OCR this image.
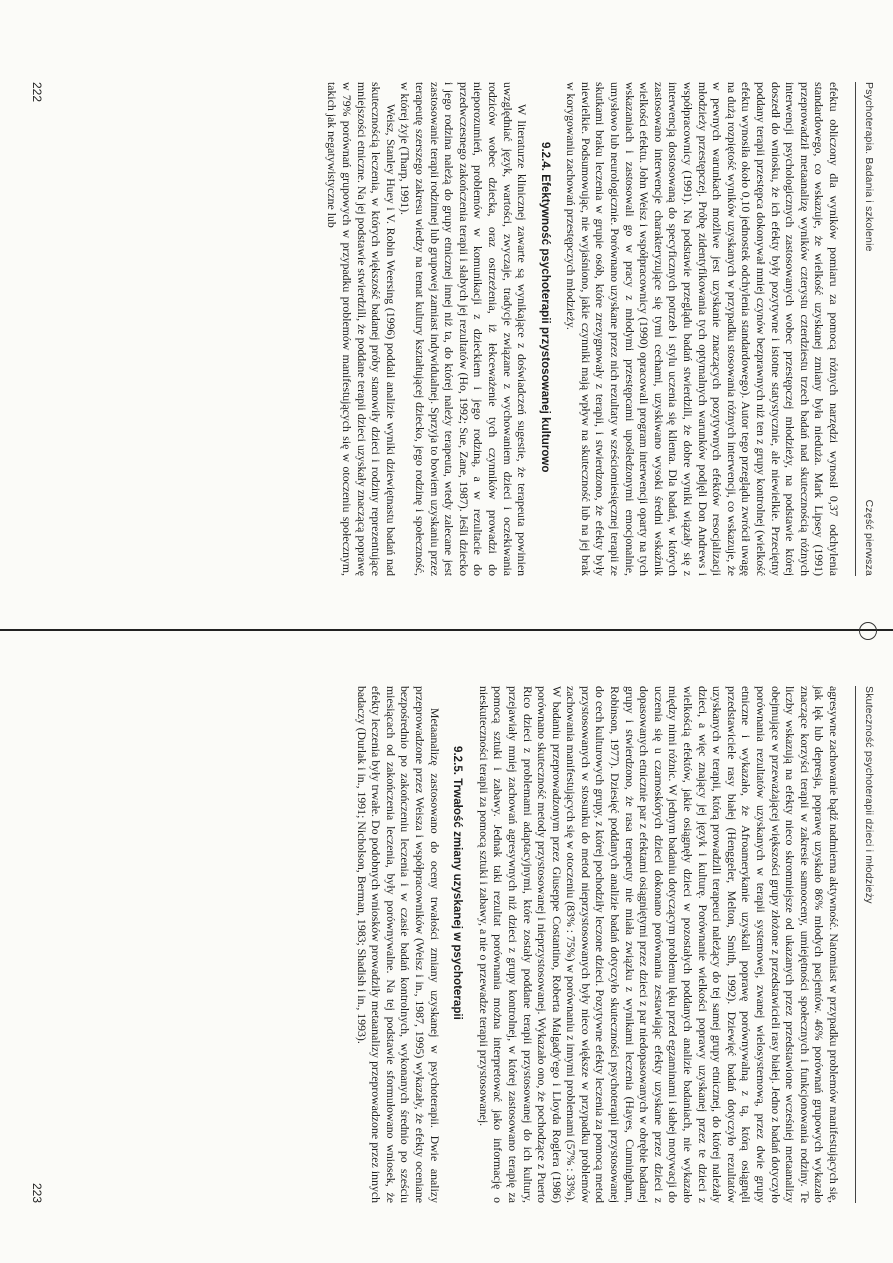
Psychoterapia. Badania i szkolenie
Część pierwsza

efektu obliczony dla wyników pomiaru za pomocą różnych narzędzi wynosił 0,37 odchylenia standardowego, co wskazuje, że wielkość uzyskanej zmiany była nieduża. Mark Lipsey (1991) przeprowadził metaanalizę wyników czterystu czterdziestu trzech badań nad skutecznością różnych interwencji psychologicznych zastosowanych wobec przestępczej młodzieży, na podstawie której doszedł do wniosku, że ich efekty były pozytywne i istotne statystycznie, ale niewielkie. Przeciętny poddany terapii przestępca dokonywał mniej czynów bezprawnych niż ten z grupy kontrolnej (wielkość efektu wynosiła około 0,10 jednostek odchylenia standardowego). Autor tego przeglądu zwrócił uwagę na dużą rozpiętość wyników uzyskanych w przypadku stosowania różnych interwencji, co wskazuje, że w pewnych warunkach możliwe jest uzyskanie znaczących pozytywnych efektów resocjalizacji młodzieży przestępczej. Próbę zidentyfikowania tych optymalnych warunków podjęli Don Andrews i współpracownicy (1991). Na podstawie przeglądu badań stwierdzili, że dobre wyniki wiązały się z interwencją dostosowaną do specyficznych potrzeb i stylu uczenia się klienta. Dla badań, w których zastosowano interwencje charakteryzujące się tymi cechami, uzyskiwano wysoki średni wskaźnik wielkości efektu. John Weisz i współpracownicy (1990) opracowali program interwencji oparty na tych wskazaniach i zastosowali go w pracy z młodymi przestępcami upośledzonymi emocjonalnie, umysłowo lub neurologicznie. Porównano uzyskane przez nich rezultaty w sześciomiesięcznej terapii ze skutkami braku leczenia w grupie osób, które zrezygnowały z terapii, i stwierdzono, że efekty były niewielkie. Podsumowując, nie wyjaśniono, jakie czynniki mają wpływ na skuteczność lub na jej brak w korygowaniu zachowań przestępczych młodzieży.

9.2.4. Efektywność psychoterapii przystosowanej kulturowo

W literaturze klinicznej zawarte są wynikające z doświadczeń sugestie, że terapeuta powinien uwzględniać język, wartości, zwyczaje, tradycje związane z wychowaniem dzieci i oczekiwania rodziców wobec dziecka, oraz ostrzeżenia, iż łekceważenie tych czynników prowadzi do nieporozumień, problemów w komunikacji z dzieckiem i jego rodziną, a w rezultacie do przedwczesnego zakończenia terapii i słabych jej rezultatów (Ho, 1992; Sue, Zane, 1987). Jeśli dziecko i jego rodzina należą do grupy etnicznej innej niż ta, do której należy terapeuta, wtedy zalecane jest zastosowanie terapii rodzinnej lub grupowej zamiast indywidualnej. Sprzyja to bowiem uzyskaniu przez terapeutę szerszego zakresu wiedzy na temat kultury kształtującej dziecko, jego rodzinę i społeczność, w której żyje (Tharp, 1991).

Weisz, Stanley Huey i V. Robin Weersing (1996) poddali analizie wyniki dziewiętnastu badań nad skutecznością leczenia, w których większość badanej próby stanowiły dzieci i rodziny reprezentujące mniejszości etniczne. Na jej podstawie stwierdzili, że poddane terapii dzieci uzyskały znaczącą poprawę w 79% porównań grupowych w przypadku problemów manifestujących się w otoczeniu społecznym, takich jak negatywistyczne lub

222
Skuteczność psychoterapii dzieci i młodzieży

agresywne zachowanie bądź nadmierna aktywność. Natomiast w przypadku problemów manifestujących się, jak lęk lub depresja, poprawę uzyskało 86% młodych pacjentów. 46% porównań grupowych wykazało znaczące korzyści terapii w zakresie samooceny, umiejętności społecznych i funkcjonowania rodziny. Te liczby wskazują na efekty nieco skromniejsze od ukazanych przez przedstawione wcześniej metaanalizy obejmujące w przeważającej większości grupy złożone z przedstawicieli rasy białej. Jedno z badań dotyczyło porównania rezultatów uzyskanych w terapii systemowej, zwanej wielosystemową, przez dwie grupy etniczne i wykazało, że Afroamerykanie uzyskali poprawę porównywalną z tą, którą osiągnęli przedstawiciele rasy białej (Henggeler, Melton, Smith, 1992). Dziewięć badań dotyczyło rezultatów uzyskanych w terapii, którą prowadzili terapeuci należący do tej samej grupy etnicznej, do której należały dzieci, a więc znający jej język i kulturę. Porównanie wielkości poprawy uzyskanej przez te dzieci z wielkością efektów, jakie osiągnęły dzieci w pozostałych poddanych analizie badaniach, nie wykazało między nimi różnic. W jednym badaniu dotyczącym problemu lęku przed egzaminami i słabej motywacji do uczenia się u czarnoskórych dzieci dokonano porównania zestawiając efekty uzyskane przez dzieci z dopasowanych etnicznie par z efektami osiągniętymi przez dzieci z par niedopasowanych w obrębie badanej grupy i stwierdzono, że rasa terapeuty nie miała związku z wynikami leczenia (Hayes, Cunningham, Robinson, 1977). Dziesięć poddanych analizie badań dotyczyło skuteczności psychoterapii przystosowanej do cech kulturowych grupy, z której pochodziły leczone dzieci. Pozytywne efekty leczenia za pomocą metod przystosowanych w stosunku do metod nieprzystosowanych były nieco większe w przypadku problemów zachowania manifestujących się w otoczeniu (83% : 75%) w porównaniu z innymi problemami (57% : 33%). W badaniu przeprowadzonym przez Giuseppe Costantino, Roberta Malgady'ego i Lloyda Roglera (1986) porównano skuteczność metody przystosowanej i nieprzystosowanej. Wykazało ono, że pochodzące z Puerto Rico dzieci z problemami adaptacyjnymi, które zostały poddane terapii przystosowanej do ich kultury, przejawiały mniej zachowań agresywnych niż dzieci z grupy kontrolnej, w której zastosowano terapię za pomocą sztuki i zabawy. Jednak taki rezultat porównania można interpretować jako informację o nieskuteczności terapii za pomocą sztuki i zabawy, a nie o przewadze terapii przystosowanej.

9.2.5. Trwałość zmiany uzyskanej w psychoterapii

Metaanalizę zastosowano do oceny trwałości zmiany uzyskanej w psychoterapii. Dwie analizy przeprowadzone przez Weisza i współpracowników (Weisz i in., 1987, 1995) wykazały, że efekty oceniane bezpośrednio po zakończeniu leczenia i w czasie badań kontrolnych, wykonanych średnio po sześciu miesiącach od zakończenia leczenia, były porównywalne. Na tej podstawie sformułowano wniosek, że efekty leczenia były trwałe. Do podobnych wniosków prowadziły metaanalizy przeprowadzone przez innych badaczy (Durlak i in., 1991; Nicholson, Berman, 1983; Shadish i in., 1993).

223
